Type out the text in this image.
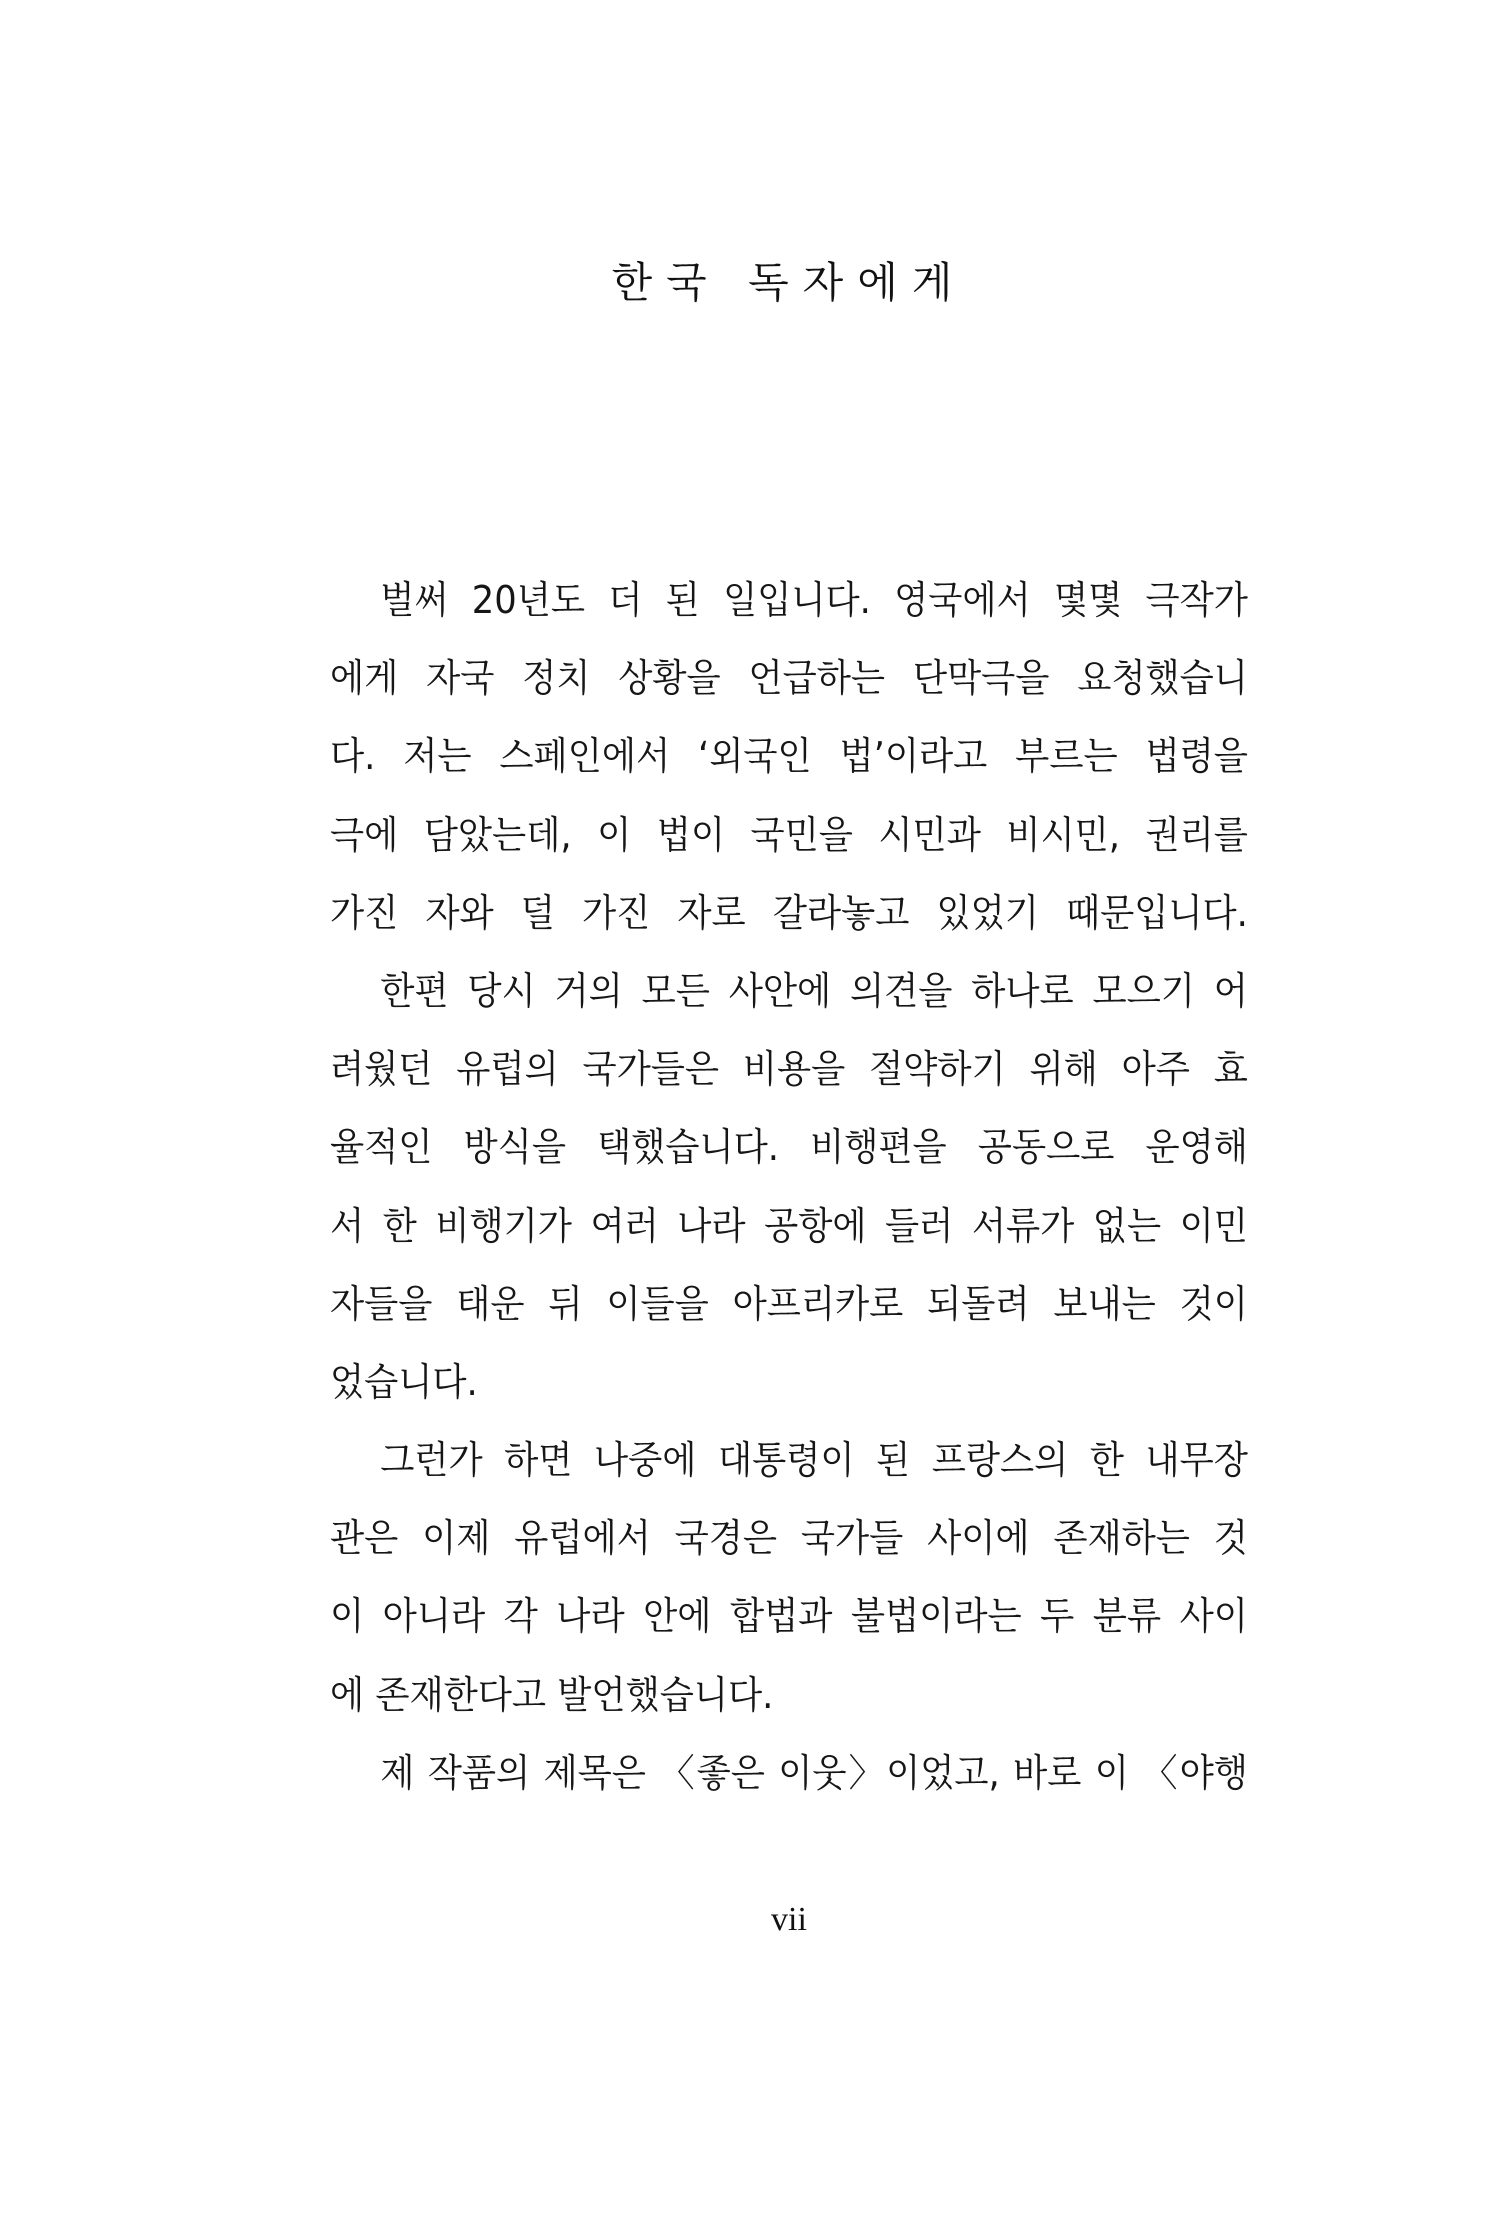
한국 독자에게
벌써 20년도 더 된 일입니다. 영국에서 몇몇 극작가
에게 자국 정치 상황을 언급하는 단막극을 요청했습니
다. 저는 스페인에서 ‘외국인 법’이라고 부르는 법령을
극에 담았는데, 이 법이 국민을 시민과 비시민, 권리를
가진 자와 덜 가진 자로 갈라놓고 있었기 때문입니다.
한편 당시 거의 모든 사안에 의견을 하나로 모으기 어
려웠던 유럽의 국가들은 비용을 절약하기 위해 아주 효
율적인 방식을 택했습니다. 비행편을 공동으로 운영해
서 한 비행기가 여러 나라 공항에 들러 서류가 없는 이민
자들을 태운 뒤 이들을 아프리카로 되돌려 보내는 것이
었습니다.
그런가 하면 나중에 대통령이 된 프랑스의 한 내무장
관은 이제 유럽에서 국경은 국가들 사이에 존재하는 것
이 아니라 각 나라 안에 합법과 불법이라는 두 분류 사이
에 존재한다고 발언했습니다.
제 작품의 제목은 〈좋은 이웃〉이었고, 바로 이 〈야행
vii
